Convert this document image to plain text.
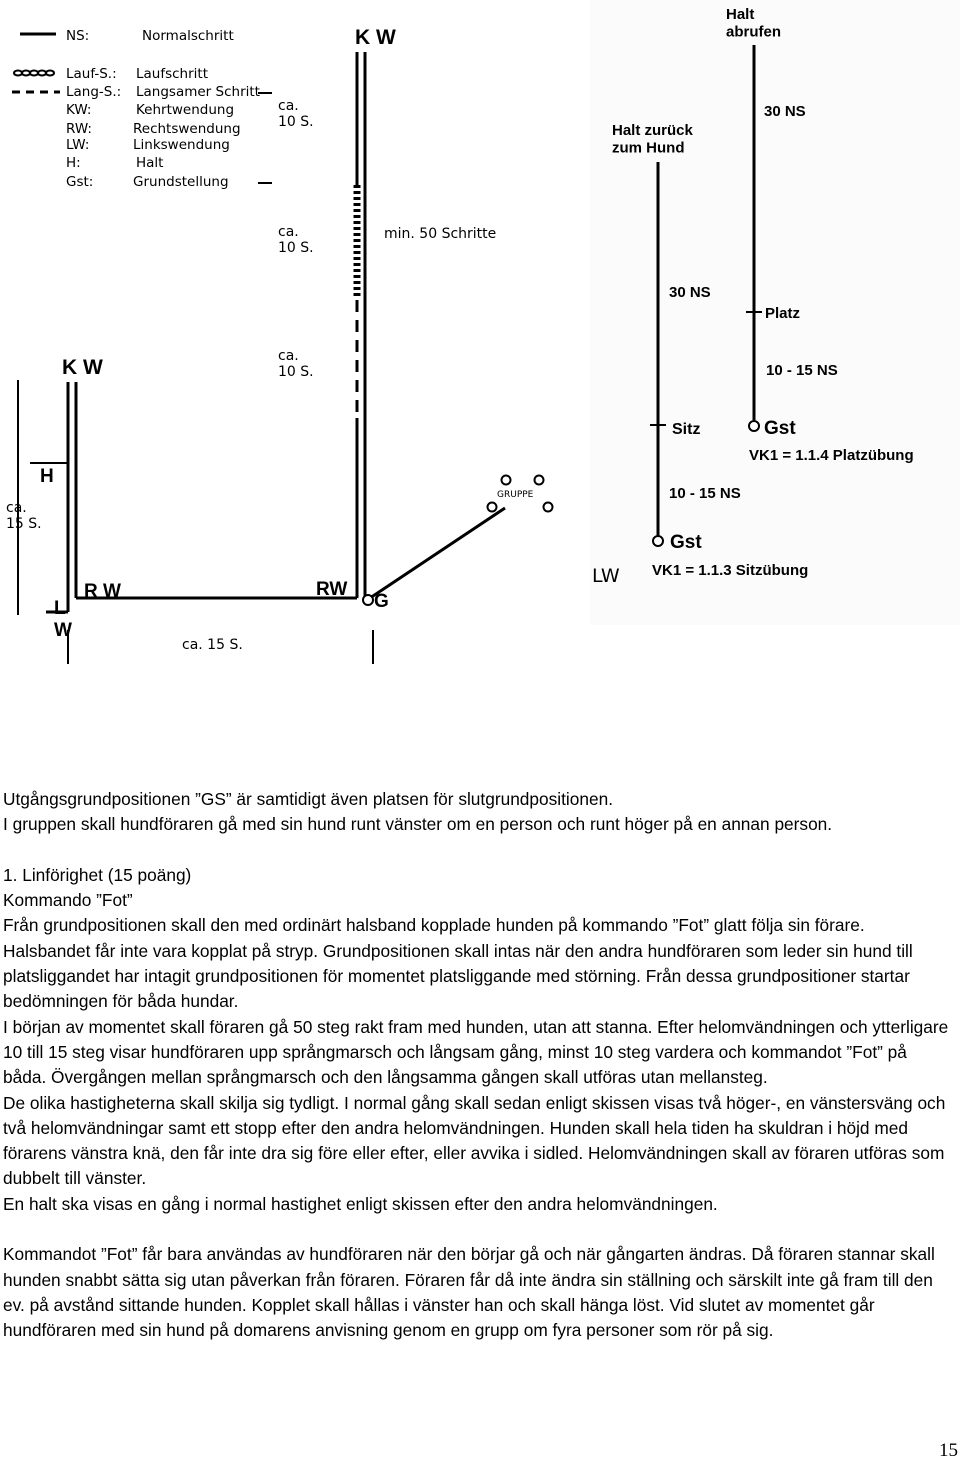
NS:	Normalschritt
Lauf-S.: Laufschritt
Lang-S.: Langsamer Schritt
KW:	Kehrtwendung
RW:	Rechtswendung
LW:	Linkswendung
H:	Halt
Gst:	Grundstellung
K W
ca. 10 S.
ca. 10 S.
min. 50 Schritte
ca. 10 S.
K W
H
ca. 15 S.
R W	RW
G
L W
ca. 15 S.
GRUPPE
Halt abrufen
30 NS
Halt zurück zum Hund
30 NS
Platz
10 - 15 NS
Sitz	Gst
VK1 = 1.1.4 Platzübung
10 - 15 NS
Gst
LW VK1 = 1.1.3 Sitzübung

Utgångsgrundpositionen ”GS” är samtidigt även platsen för slutgrundpositionen.

I gruppen skall hundföraren gå med sin hund runt vänster om en person och runt höger på en annan person.

1. Linförighet (15 poäng)

Kommando ”Fot”

Från grundpositionen skall den med ordinärt halsband kopplade hunden på kommando ”Fot” glatt följa sin förare. Halsbandet får inte vara kopplat på stryp. Grundpositionen skall intas när den andra hundföraren som leder sin hund till platsliggandet har intagit grundpositionen för momentet platsliggande med störning. Från dessa grundpositioner startar bedömningen för båda hundar.

I början av momentet skall föraren gå 50 steg rakt fram med hunden, utan att stanna. Efter helomvändningen och ytterligare 10 till 15 steg visar hundföraren upp språngmarsch och långsam gång, minst 10 steg vardera och kommandot ”Fot” på båda. Övergången mellan språngmarsch och den långsamma gången skall utföras utan mellansteg.

De olika hastigheterna skall skilja sig tydligt. I normal gång skall sedan enligt skissen visas två höger-, en vänstersväng och två helomvändningar samt ett stopp efter den andra helomvändningen. Hunden skall hela tiden ha skuldran i höjd med förarens vänstra knä, den får inte dra sig före eller efter, eller avvika i sidled. Helomvändningen skall av föraren utföras som dubbelt till vänster.

En halt ska visas en gång i normal hastighet enligt skissen efter den andra helomvändningen.

Kommandot ”Fot” får bara användas av hundföraren när den börjar gå och när gångarten ändras. Då föraren stannar skall hunden snabbt sätta sig utan påverkan från föraren. Föraren får då inte ändra sin ställning och särskilt inte gå fram till den ev. på avstånd sittande hunden. Kopplet skall hållas i vänster han och skall hänga löst. Vid slutet av momentet går hundföraren med sin hund på domarens anvisning genom en grupp om fyra personer som rör på sig.

15
